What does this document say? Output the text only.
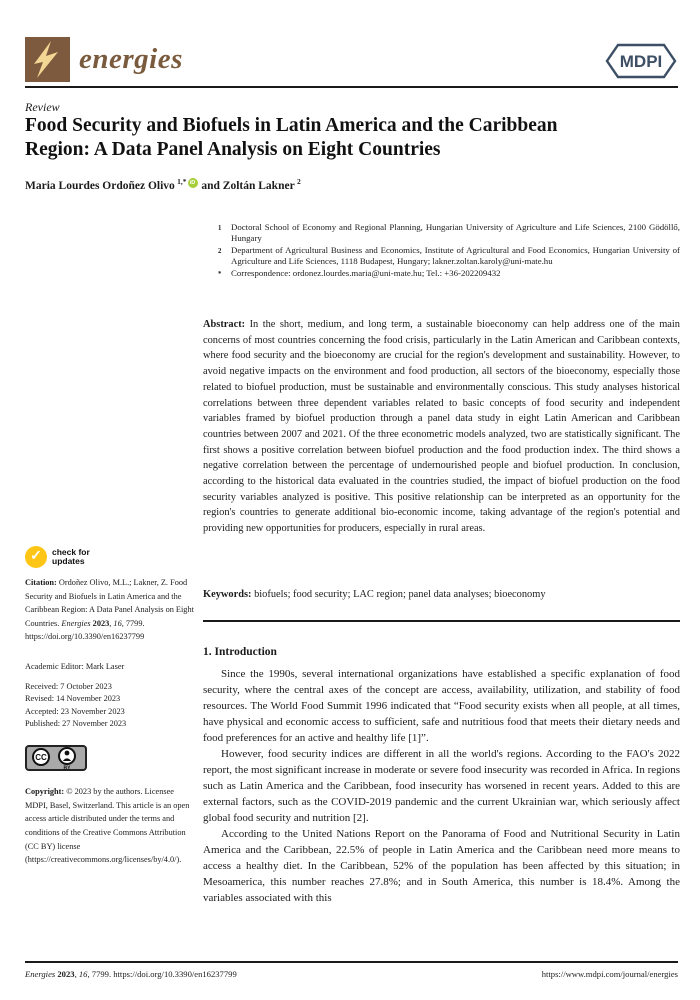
energies	MDPI
Review
Food Security and Biofuels in Latin America and the Caribbean
Region: A Data Panel Analysis on Eight Countries
Maria Lourdes Ordoñez Olivo  $^{1,*}$ iD and Zoltán Lakner  $^2$
1	Doctoral School of Economy and Regional Planning, Hungarian University of Agriculture and Life Sciences, 2100 Gödöllő, Hungary
2	Department of Agricultural Business and Economics, Institute of Agricultural and Food Economics, Hungarian University of Agriculture and Life Sciences, 1118 Budapest, Hungary; lakner.zoltan.karoly@uni-mate.hu
*	Correspondence: ordonez.lourdes.maria@uni-mate.hu; Tel.: +36-202209432
Abstract: In the short, medium, and long term, a sustainable bioeconomy can help address one of the main concerns of most countries concerning the food crisis, particularly in the Latin American and Caribbean contexts, where food security and the bioeconomy are crucial for the region's development and sustainability. However, to avoid negative impacts on the environment and food production, all sectors of the bioeconomy, especially those related to biofuel production, must be sustainable and environmentally conscious. This study analyses historical correlations between three dependent variables related to basic concepts of food security and independent variables framed by biofuel production through a panel data study in eight Latin American and Caribbean countries between 2007 and 2021. Of the three econometric models analyzed, two are statistically significant. The first shows a positive correlation between biofuel production and the food production index. The third shows a negative correlation between the percentage of undernourished people and biofuel production. In conclusion, according to the historical data evaluated in the countries studied, the impact of biofuel production on the food security variables analyzed is positive. This positive relationship can be interpreted as an opportunity for the region's countries to generate additional bio-economic income, taking advantage of the region's potential and providing new opportunities for producers, especially in rural areas.
Keywords: biofuels; food security; LAC region; panel data analyses; bioeconomy
1. Introduction

Since the 1990s, several international organizations have established a specific explanation of food security, where the central axes of the concept are access, availability, utilization, and stability of food resources. The World Food Summit 1996 indicated that “Food security exists when all people, at all times, have physical and economic access to sufficient, safe and nutritious food that meets their dietary needs and food preferences for an active and healthy life [1]”.

However, food security indices are different in all the world's regions. According to the FAO's 2022 report, the most significant increase in moderate or severe food insecurity was recorded in Africa. In regions such as Latin America and the Caribbean, food insecurity has worsened in recent years. Added to this are external factors, such as the COVID-2019 pandemic and the current Ukrainian war, which seriously affect global food security and nutrition [2].

According to the United Nations Report on the Panorama of Food and Nutritional Security in Latin America and the Caribbean, 22.5% of people in Latin America and the Caribbean need more means to access a healthy diet. In the Caribbean, 52% of the population has been affected by this situation; in Mesoamerica, this number reaches 27.8%; and in South America, this number is 18.4%. Among the variables associated with this

✓	check for
updates
Citation: Ordoñez Olivo, M.L.; Lakner, Z. Food Security and Biofuels in Latin America and the Caribbean Region: A Data Panel Analysis on Eight Countries. Energies 2023, 16, 7799. https://doi.org/10.3390/en16237799
Academic Editor: Mark Laser
Received: 7 October 2023
Revised: 14 November 2023
Accepted: 23 November 2023
Published: 27 November 2023
CC
BY
Copyright: © 2023 by the authors. Licensee MDPI, Basel, Switzerland. This article is an open access article distributed under the terms and conditions of the Creative Commons Attribution (CC BY) license (https://creativecommons.org/licenses/by/4.0/).
Energies 2023, 16, 7799. https://doi.org/10.3390/en16237799	https://www.mdpi.com/journal/energies
